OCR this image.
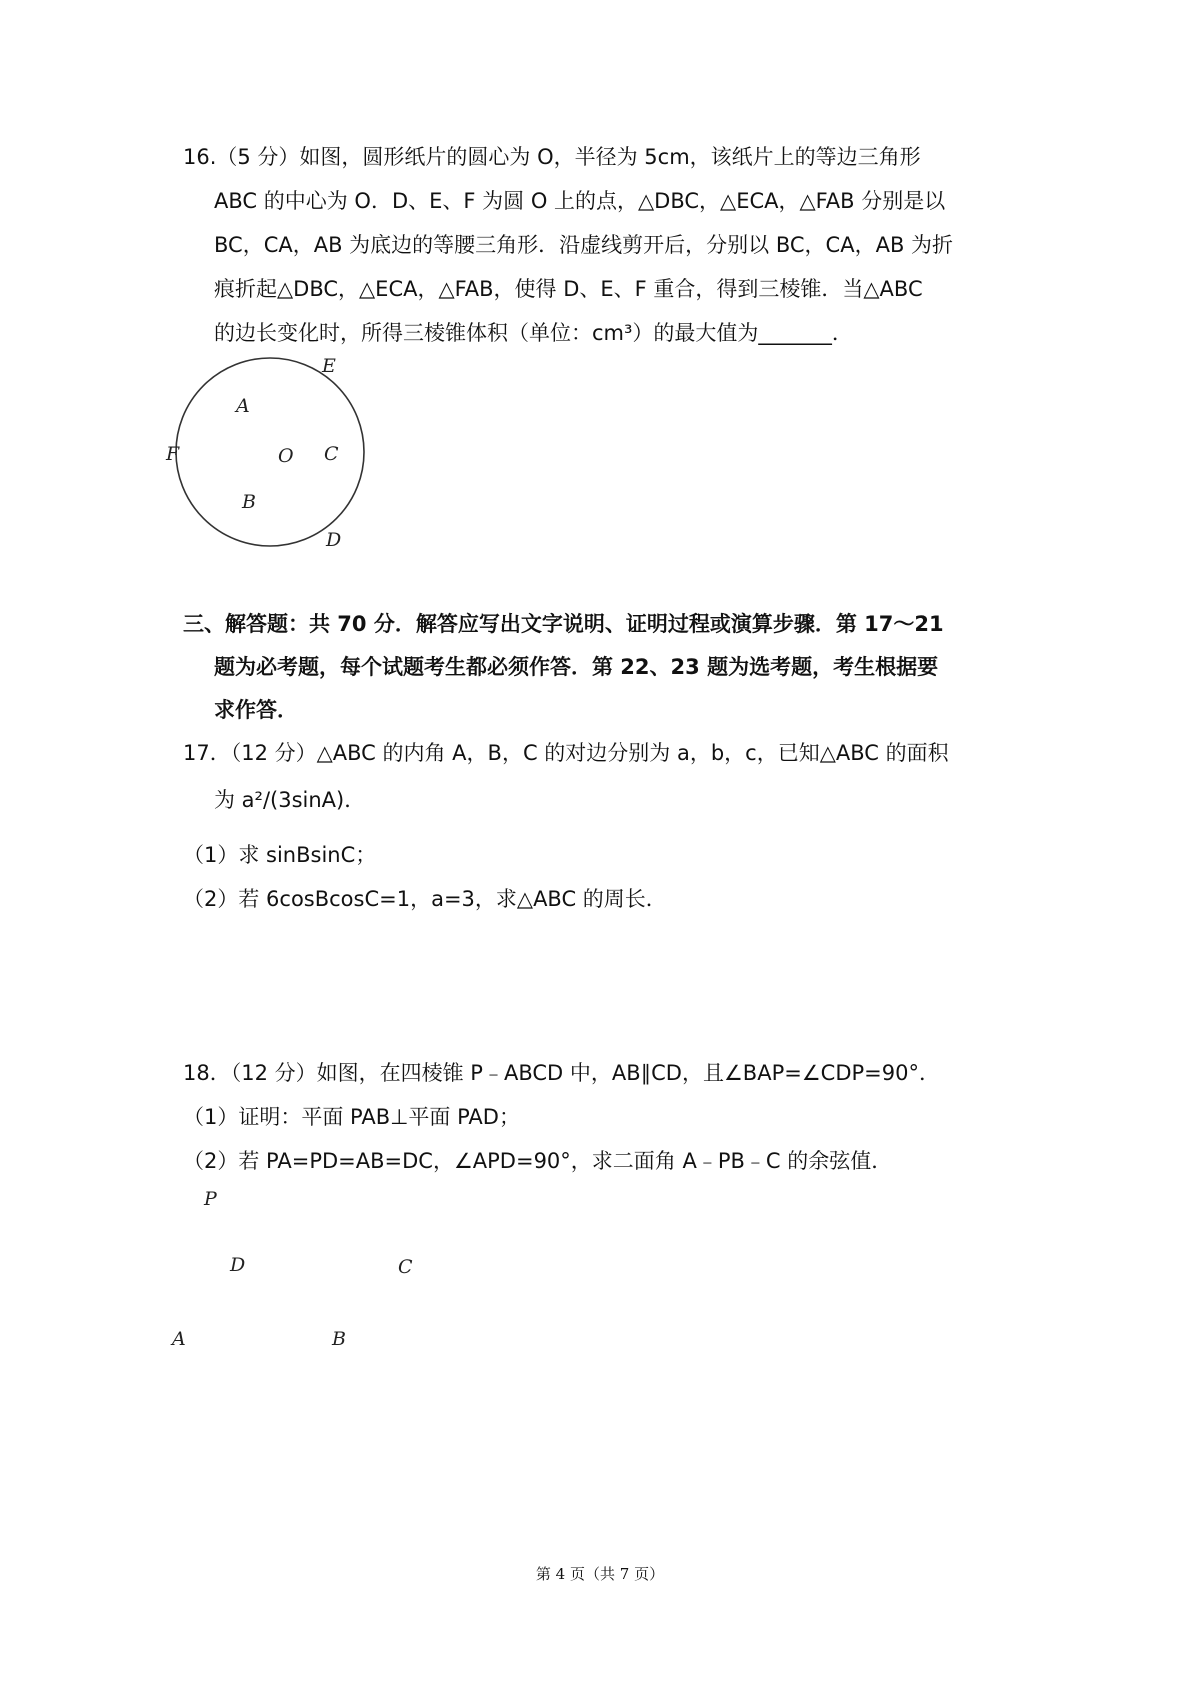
16.（5 分）如图，圆形纸片的圆心为 O，半径为 5cm，该纸片上的等边三角形
ABC 的中心为 O．D、E、F 为圆 O 上的点，△DBC，△ECA，△FAB 分别是以
BC，CA，AB 为底边的等腰三角形．沿虚线剪开后，分别以 BC，CA，AB 为折
痕折起△DBC，△ECA，△FAB，使得 D、E、F 重合，得到三棱锥．当△ABC
的边长变化时，所得三棱锥体积（单位：cm³）的最大值为_______．
A
B
C
D
E
F	O
三、解答题：共 70 分．解答应写出文字说明、证明过程或演算步骤．第 17～21
题为必考题，每个试题考生都必须作答．第 22、23 题为选考题，考生根据要
求作答．
17．（12 分）△ABC 的内角 A，B，C 的对边分别为 a，b，c，已知△ABC 的面积
为 a²/(3sinA)．
（1）求 sinBsinC；
（2）若 6cosBcosC=1，a=3，求△ABC 的周长．
18．（12 分）如图，在四棱锥 P﹣ABCD 中，AB∥CD，且∠BAP=∠CDP=90°．
（1）证明：平面 PAB⊥平面 PAD；
（2）若 PA=PD=AB=DC，∠APD=90°，求二面角 A﹣PB﹣C 的余弦值．
P
D	C
A	B
第 4 页（共 7 页）
